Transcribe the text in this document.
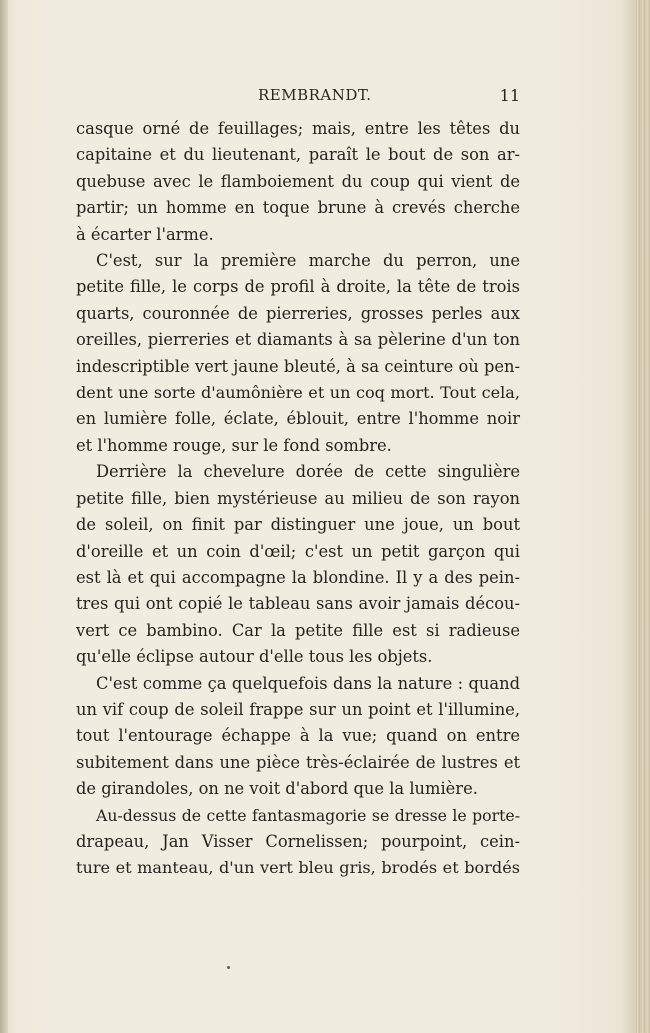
REMBRANDT.	11
casque orné de feuillages; mais, entre les têtes du
capitaine et du lieutenant, paraît le bout de son ar-
quebuse avec le flamboiement du coup qui vient de
partir; un homme en toque brune à crevés cherche
à écarter l'arme.
C'est, sur la première marche du perron, une
petite fille, le corps de profil à droite, la tête de trois
quarts, couronnée de pierreries, grosses perles aux
oreilles, pierreries et diamants à sa pèlerine d'un ton
indescriptible vert jaune bleuté, à sa ceinture où pen-
dent une sorte d'aumônière et un coq mort. Tout cela,
en lumière folle, éclate, éblouit, entre l'homme noir
et l'homme rouge, sur le fond sombre.
Derrière la chevelure dorée de cette singulière
petite fille, bien mystérieuse au milieu de son rayon
de soleil, on finit par distinguer une joue, un bout
d'oreille et un coin d'œil; c'est un petit garçon qui
est là et qui accompagne la blondine. Il y a des pein-
tres qui ont copié le tableau sans avoir jamais décou-
vert ce bambino. Car la petite fille est si radieuse
qu'elle éclipse autour d'elle tous les objets.
C'est comme ça quelquefois dans la nature : quand
un vif coup de soleil frappe sur un point et l'illumine,
tout l'entourage échappe à la vue; quand on entre
subitement dans une pièce très-éclairée de lustres et
de girandoles, on ne voit d'abord que la lumière.
Au-dessus de cette fantasmagorie se dresse le porte-
drapeau, Jan Visser Cornelissen; pourpoint, cein-
ture et manteau, d'un vert bleu gris, brodés et bordés
